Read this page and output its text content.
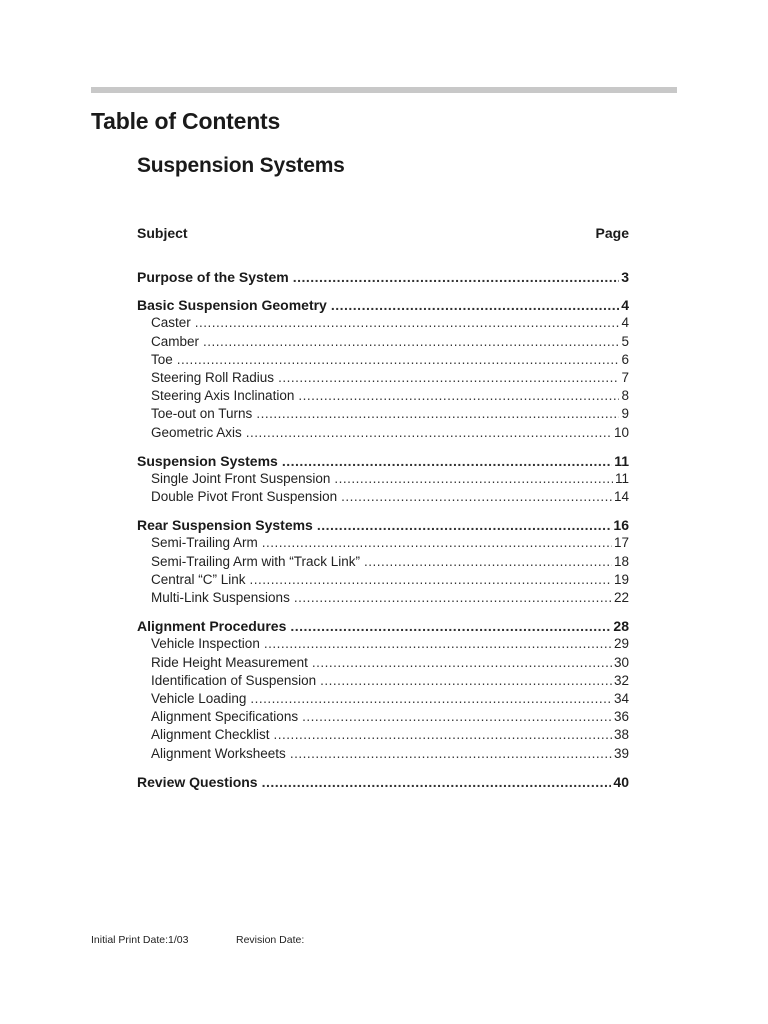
Table of Contents
Suspension Systems
Subject	Page
Purpose of the System .....	3
Basic Suspension Geometry .....	4
Caster .....	4
Camber .....	5
Toe .....	6
Steering Roll Radius .....	7
Steering Axis Inclination .....	8
Toe-out on Turns .....	9
Geometric Axis .....	10
Suspension Systems .....	11
Single Joint Front Suspension .....	11
Double Pivot Front Suspension .....	14
Rear Suspension Systems .....	16
Semi-Trailing Arm .....	17
Semi-Trailing Arm with “Track Link” .....	18
Central “C” Link .....	19
Multi-Link Suspensions .....	22
Alignment Procedures .....	28
Vehicle Inspection .....	29
Ride Height Measurement .....	30
Identification of Suspension .....	32
Vehicle Loading .....	34
Alignment Specifications .....	36
Alignment Checklist .....	38
Alignment Worksheets .....	39
Review Questions .....	40
Initial Print Date:1/03	Revision Date:
